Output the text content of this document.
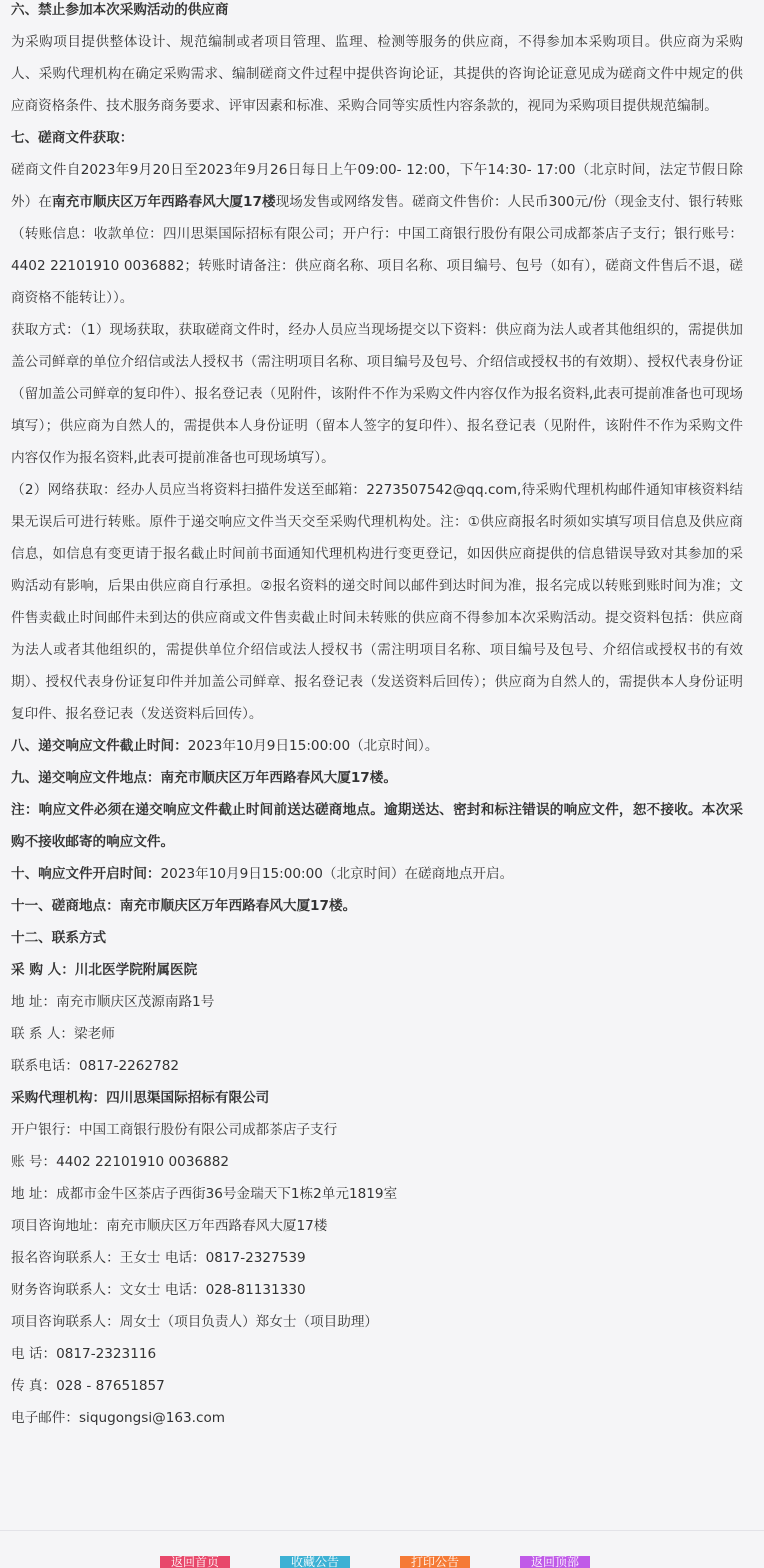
六、禁止参加本次采购活动的供应商

为采购项目提供整体设计、规范编制或者项目管理、监理、检测等服务的供应商，不得参加本采购项目。供应商为采购人、采购代理机构在确定采购需求、编制磋商文件过程中提供咨询论证，其提供的咨询论证意见成为磋商文件中规定的供应商资格条件、技术服务商务要求、评审因素和标准、采购合同等实质性内容条款的，视同为采购项目提供规范编制。

七、磋商文件获取：

磋商文件自2023年9月20日至2023年9月26日每日上午09:00- 12:00，下午14:30- 17:00（北京时间，法定节假日除外）在南充市顺庆区万年西路春风大厦17楼现场发售或网络发售。磋商文件售价：人民币300元/份（现金支付、银行转账（转账信息：收款单位：四川思渠国际招标有限公司；开户行：中国工商银行股份有限公司成都茶店子支行；银行账号：4402 22101910 0036882；转账时请备注：供应商名称、项目名称、项目编号、包号（如有），磋商文件售后不退，磋商资格不能转让））。

获取方式：（1）现场获取，获取磋商文件时，经办人员应当现场提交以下资料：供应商为法人或者其他组织的，需提供加盖公司鲜章的单位介绍信或法人授权书（需注明项目名称、项目编号及包号、介绍信或授权书的有效期）、授权代表身份证（留加盖公司鲜章的复印件）、报名登记表（见附件，该附件不作为采购文件内容仅作为报名资料,此表可提前准备也可现场填写）；供应商为自然人的，需提供本人身份证明（留本人签字的复印件）、报名登记表（见附件，该附件不作为采购文件内容仅作为报名资料,此表可提前准备也可现场填写）。

（2）网络获取：经办人员应当将资料扫描件发送至邮箱：2273507542@qq.com,待采购代理机构邮件通知审核资料结果无误后可进行转账。原件于递交响应文件当天交至采购代理机构处。注：①供应商报名时须如实填写项目信息及供应商信息，如信息有变更请于报名截止时间前书面通知代理机构进行变更登记，如因供应商提供的信息错误导致对其参加的采购活动有影响，后果由供应商自行承担。②报名资料的递交时间以邮件到达时间为准，报名完成以转账到账时间为准；文件售卖截止时间邮件未到达的供应商或文件售卖截止时间未转账的供应商不得参加本次采购活动。提交资料包括：供应商为法人或者其他组织的，需提供单位介绍信或法人授权书（需注明项目名称、项目编号及包号、介绍信或授权书的有效期）、授权代表身份证复印件并加盖公司鲜章、报名登记表（发送资料后回传）；供应商为自然人的，需提供本人身份证明复印件、报名登记表（发送资料后回传）。

八、递交响应文件截止时间：2023年10月9日15:00:00（北京时间）。

九、递交响应文件地点：南充市顺庆区万年西路春风大厦17楼。

注：响应文件必须在递交响应文件截止时间前送达磋商地点。逾期送达、密封和标注错误的响应文件，恕不接收。本次采购不接收邮寄的响应文件。

十、响应文件开启时间：2023年10月9日15:00:00（北京时间）在磋商地点开启。

十一、磋商地点：南充市顺庆区万年西路春风大厦17楼。

十二、联系方式

采 购 人：川北医学院附属医院

地 址：南充市顺庆区茂源南路1号

联 系 人：梁老师

联系电话：0817-2262782

采购代理机构：四川思渠国际招标有限公司

开户银行：中国工商银行股份有限公司成都茶店子支行

账 号：4402 22101910 0036882

地 址：成都市金牛区茶店子西街36号金瑞天下1栋2单元1819室

项目咨询地址：南充市顺庆区万年西路春风大厦17楼

报名咨询联系人：王女士 电话：0817-2327539

财务咨询联系人：文女士 电话：028-81131330

项目咨询联系人：周女士（项目负责人）郑女士（项目助理）

电 话：0817-2323116

传 真：028 - 87651857

电子邮件：siqugongsi@163.com

返回首页	收藏公告	打印公告	返回顶部
